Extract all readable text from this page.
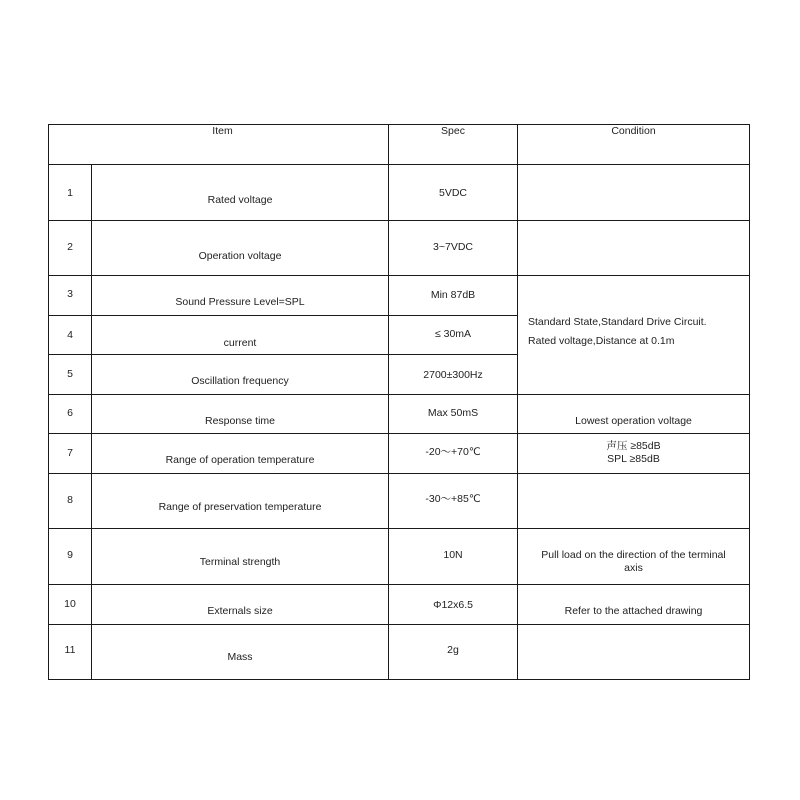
Item		Spec	Condition

1	Rated voltage	5VDC	

2	Operation voltage	3~7VDC	

3	Sound Pressure Level=SPL	Min 87dB	Standard State,Standard Drive Circuit.
Rated voltage,Distance at 0.1m

4	current	≤ 30mA	

5	Oscillation frequency	2700±300Hz	

6	Response time	Max 50mS	Lowest operation voltage

7	Range of operation temperature	-20～+70℃	声压 ≥85dB
SPL ≥85dB

8	Range of preservation temperature	-30～+85℃	

9	Terminal strength	10N	Pull load on the direction of the terminal
axis

10	Externals size	Φ12x6.5	Refer to the attached drawing

11	Mass	2g	
